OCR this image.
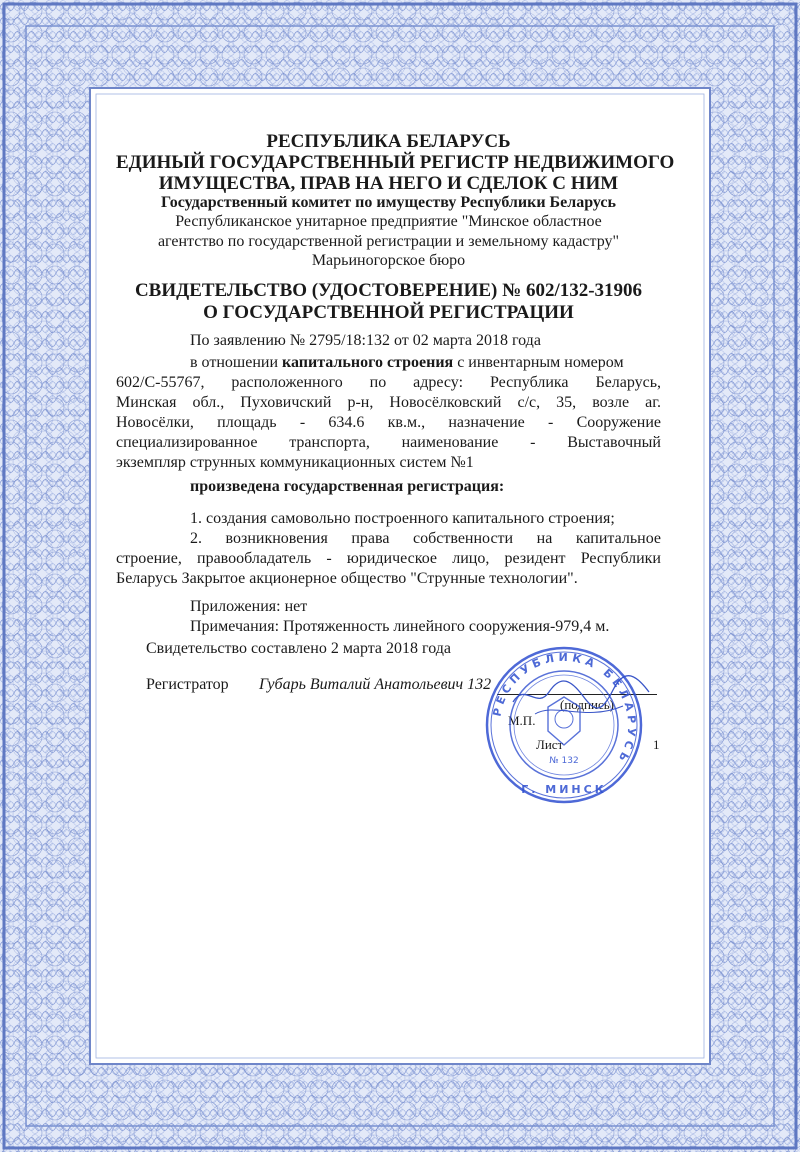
РЕСПУБЛИКА БЕЛАРУСЬ
ЕДИНЫЙ ГОСУДАРСТВЕННЫЙ РЕГИСТР НЕДВИЖИМОГО
ИМУЩЕСТВА, ПРАВ НА НЕГО И СДЕЛОК С НИМ
Государственный комитет по имуществу Республики Беларусь
Республиканское унитарное предприятие "Минское областное
агентство по государственной регистрации и земельному кадастру"
Марьиногорское бюро
СВИДЕТЕЛЬСТВО (УДОСТОВЕРЕНИЕ) № 602/132-31906
О ГОСУДАРСТВЕННОЙ РЕГИСТРАЦИИ
По заявлению № 2795/18:132 от 02 марта 2018 года
в отношении капитального строения с инвентарным номером
602/С-55767, расположенного по адресу: Республика Беларусь,
Минская обл., Пуховичский р-н, Новосёлковский с/с, 35, возле аг.
Новосёлки, площадь - 634.6 кв.м., назначение - Сооружение
специализированное транспорта, наименование - Выставочный
экземпляр струнных коммуникационных систем №1
произведена государственная регистрация:
1. создания самовольно построенного капитального строения;
2. возникновения права собственности на капитальное
строение, правообладатель - юридическое лицо, резидент Республики
Беларусь Закрытое акционерное общество "Струнные технологии".
Приложения: нет
Примечания: Протяженность линейного сооружения-979,4 м.
Свидетельство составлено 2 марта 2018 года
Регистратор Губарь Виталий Анатольевич 132
(подпись)
М.П.
Лист	1
РЕСПУБЛИКА БЕЛАРУСЬ
№ 132
Г. МИНСК
